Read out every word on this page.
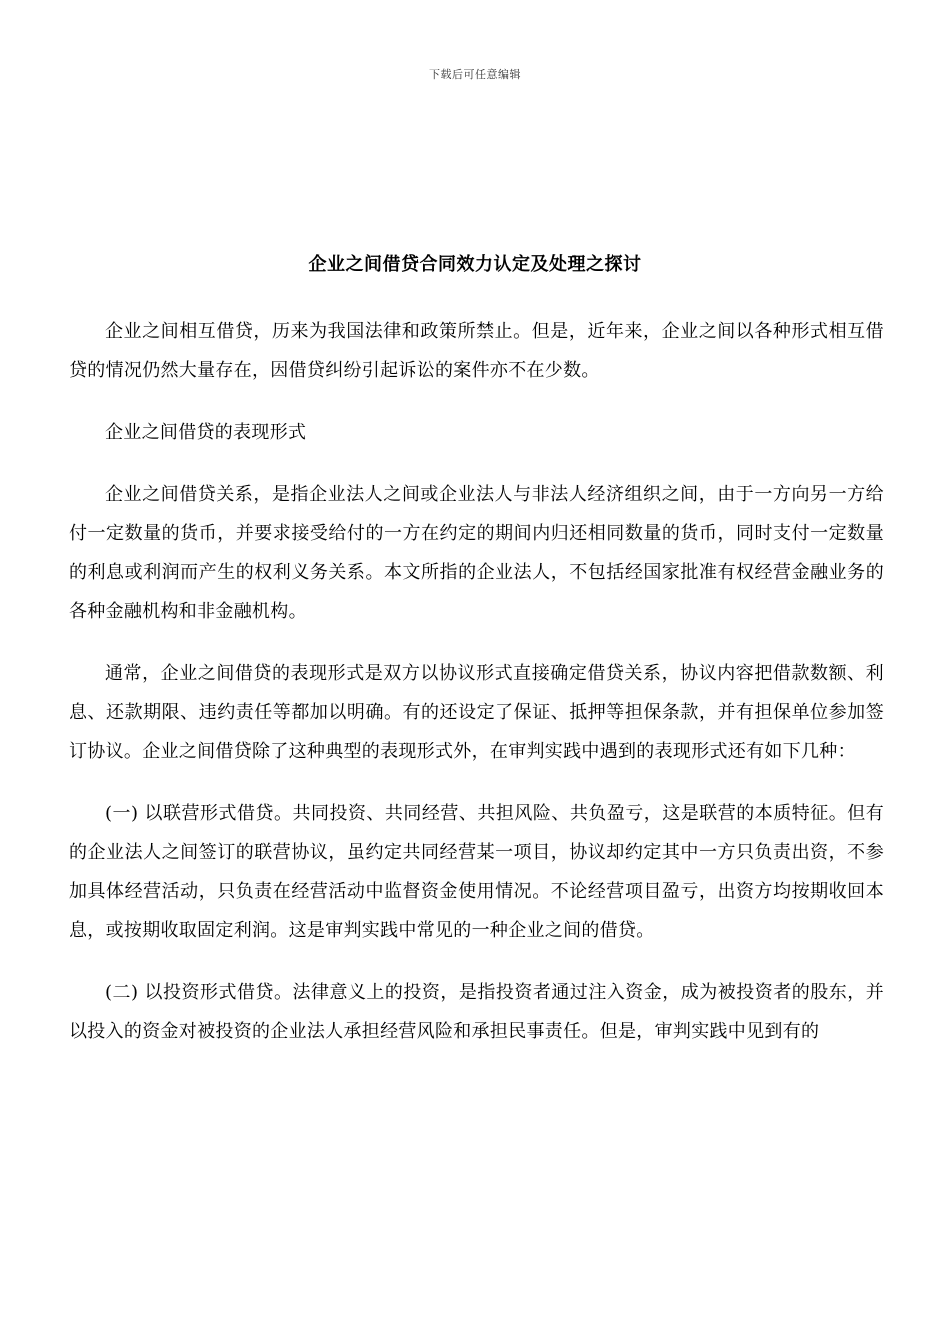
下载后可任意编辑
企业之间借贷合同效力认定及处理之探讨

企业之间相互借贷，历来为我国法律和政策所禁止。但是，近年来，企业之间以各种形式相互借贷的情况仍然大量存在，因借贷纠纷引起诉讼的案件亦不在少数。

企业之间借贷的表现形式

企业之间借贷关系，是指企业法人之间或企业法人与非法人经济组织之间，由于一方向另一方给付一定数量的货币，并要求接受给付的一方在约定的期间内归还相同数量的货币，同时支付一定数量的利息或利润而产生的权利义务关系。本文所指的企业法人，不包括经国家批准有权经营金融业务的各种金融机构和非金融机构。

通常，企业之间借贷的表现形式是双方以协议形式直接确定借贷关系，协议内容把借款数额、利息、还款期限、违约责任等都加以明确。有的还设定了保证、抵押等担保条款，并有担保单位参加签订协议。企业之间借贷除了这种典型的表现形式外，在审判实践中遇到的表现形式还有如下几种：

(一) 以联营形式借贷。共同投资、共同经营、共担风险、共负盈亏，这是联营的本质特征。但有的企业法人之间签订的联营协议，虽约定共同经营某一项目，协议却约定其中一方只负责出资，不参加具体经营活动，只负责在经营活动中监督资金使用情况。不论经营项目盈亏，出资方均按期收回本息，或按期收取固定利润。这是审判实践中常见的一种企业之间的借贷。

(二) 以投资形式借贷。法律意义上的投资，是指投资者通过注入资金，成为被投资者的股东，并以投入的资金对被投资的企业法人承担经营风险和承担民事责任。但是，审判实践中见到有的
